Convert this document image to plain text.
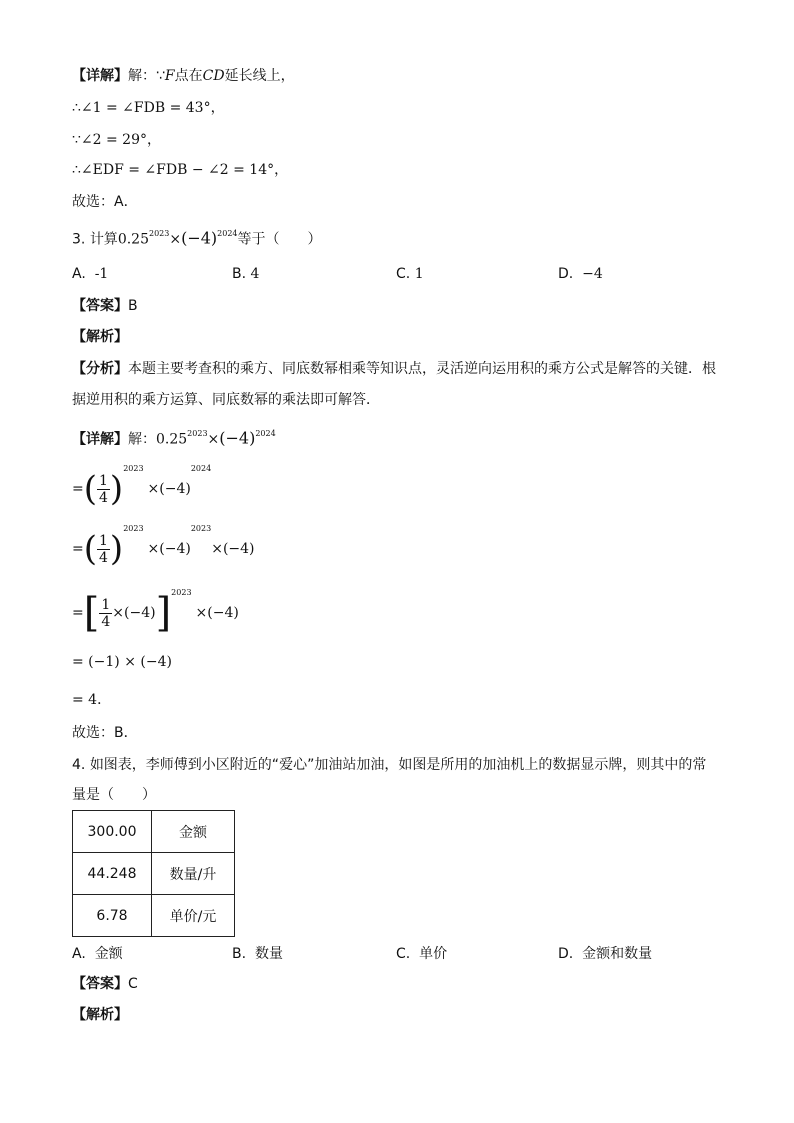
【详解】解：∵F点在CD延长线上，
∴∠1 = ∠FDB = 43°，
∵∠2 = 29°，
∴∠EDF = ∠FDB − ∠2 = 14°，
故选：A．
3. 计算$0.25^{2023}\times(-4)^{2024}$等于（　　）
A. -1	B. 4	C. 1	D. −4
【答案】B
【解析】
【分析】本题主要考查积的乘方、同底数幂相乘等知识点，灵活逆向运用积的乘方公式是解答的关键．根
据逆用积的乘方运算、同底数幂的乘法即可解答．
【详解】解：$0.25^{2023}\times(-4)^{2024}$
= ( $\frac{1}{4}$ )
2023
× (−4)
2024
= ( $\frac{1}{4}$ )
2023
× (−4)
2023
× (−4)
= [ $\frac{1}{4} \times(-4)$ ] 2023
×(−4)
= (−1) × (−4)
= 4．
故选：B．
4. 如图表，李师傅到小区附近的“爱心”加油站加油，如图是所用的加油机上的数据显示牌，则其中的常
量是（　　）
300.00	金额
44.248	数量/升
6.78	单价/元
A. 金额	B. 数量	C. 单价	D. 金额和数量
【答案】C
【解析】
